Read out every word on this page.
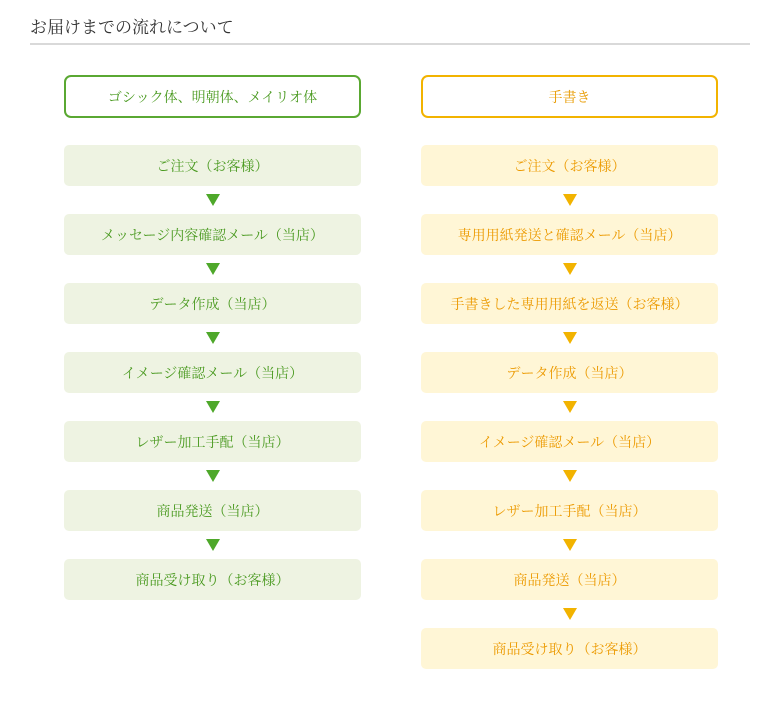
お届けまでの流れについて
ゴシック体、明朝体、メイリオ体
ご注文（お客様）
メッセージ内容確認メール（当店）
データ作成（当店）
イメージ確認メール（当店）
レザー加工手配（当店）
商品発送（当店）
商品受け取り（お客様）
手書き
ご注文（お客様）
専用用紙発送と確認メール（当店）
手書きした専用用紙を返送（お客様）
データ作成（当店）
イメージ確認メール（当店）
レザー加工手配（当店）
商品発送（当店）
商品受け取り（お客様）
